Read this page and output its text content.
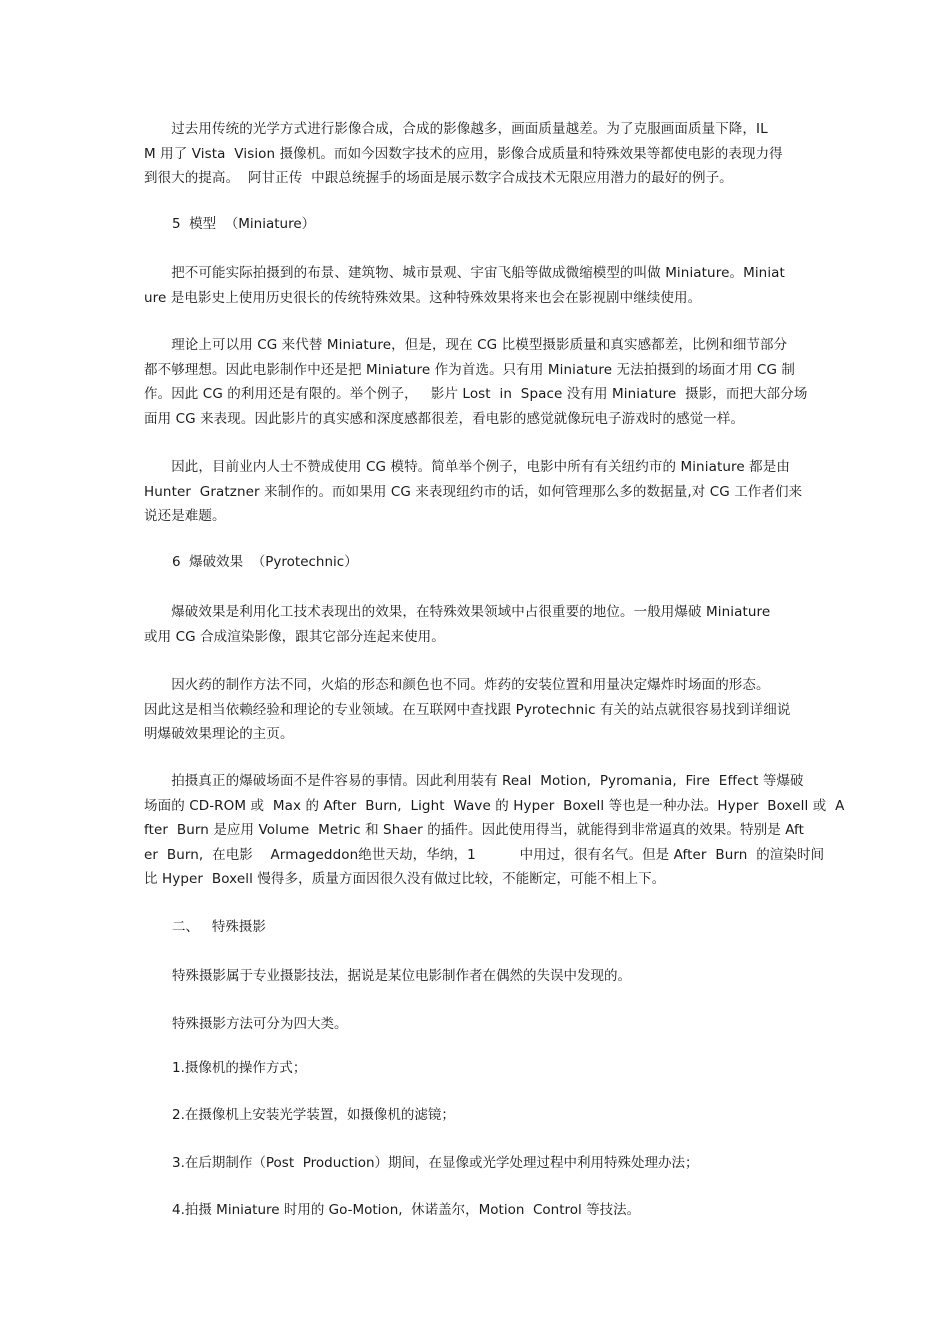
　　过去用传统的光学方式进行影像合成，合成的影像越多，画面质量越差。为了克服画面质量下降，IL
M 用了 Vista  Vision 摄像机。而如今因数字技术的应用，影像合成质量和特殊效果等都使电影的表现力得
到很大的提高。  阿甘正传  中跟总统握手的场面是展示数字合成技术无限应用潜力的最好的例子。
5  模型  （Miniature）
　　把不可能实际拍摄到的布景、建筑物、城市景观、宇宙飞船等做成微缩模型的叫做 Miniature。Miniat
ure 是电影史上使用历史很长的传统特殊效果。这种特殊效果将来也会在影视剧中继续使用。
　　理论上可以用 CG 来代替 Miniature，但是，现在 CG 比模型摄影质量和真实感都差，比例和细节部分
都不够理想。因此电影制作中还是把 Miniature 作为首选。只有用 Miniature 无法拍摄到的场面才用 CG 制
作。因此 CG 的利用还是有限的。举个例子，   影片 Lost  in  Space 没有用 Miniature  摄影，而把大部分场
面用 CG 来表现。因此影片的真实感和深度感都很差，看电影的感觉就像玩电子游戏时的感觉一样。
　　因此，目前业内人士不赞成使用 CG 模特。简单举个例子，电影中所有有关纽约市的 Miniature 都是由
Hunter  Gratzner 来制作的。而如果用 CG 来表现纽约市的话，如何管理那么多的数据量,对 CG 工作者们来
说还是难题。
6  爆破效果  （Pyrotechnic）
　　爆破效果是利用化工技术表现出的效果，在特殊效果领域中占很重要的地位。一般用爆破 Miniature
或用 CG 合成渲染影像，跟其它部分连起来使用。
　　因火药的制作方法不同，火焰的形态和颜色也不同。炸药的安装位置和用量决定爆炸时场面的形态。
因此这是相当依赖经验和理论的专业领域。在互联网中查找跟 Pyrotechnic 有关的站点就很容易找到详细说
明爆破效果理论的主页。
　　拍摄真正的爆破场面不是件容易的事情。因此利用装有 Real  Motion,  Pyromania,  Fire  Effect 等爆破
场面的 CD-ROM 或  Max 的 After  Burn,  Light  Wave 的 Hyper  Boxell 等也是一种办法。Hyper  Boxell 或  A
fter  Burn 是应用 Volume  Metric 和 Shaer 的插件。因此使用得当，就能得到非常逼真的效果。特别是 Aft
er  Burn,  在电影    Armageddon绝世天劫，华纳，1          中用过，很有名气。但是 After  Burn  的渲染时间
比 Hyper  Boxell 慢得多，质量方面因很久没有做过比较，不能断定，可能不相上下。
二、   特殊摄影
特殊摄影属于专业摄影技法，据说是某位电影制作者在偶然的失误中发现的。
特殊摄影方法可分为四大类。
1.摄像机的操作方式；
2.在摄像机上安装光学装置，如摄像机的滤镜；
3.在后期制作（Post  Production）期间，在显像或光学处理过程中利用特殊处理办法；
4.拍摄 Miniature 时用的 Go-Motion,  休诺盖尔，Motion  Control 等技法。
